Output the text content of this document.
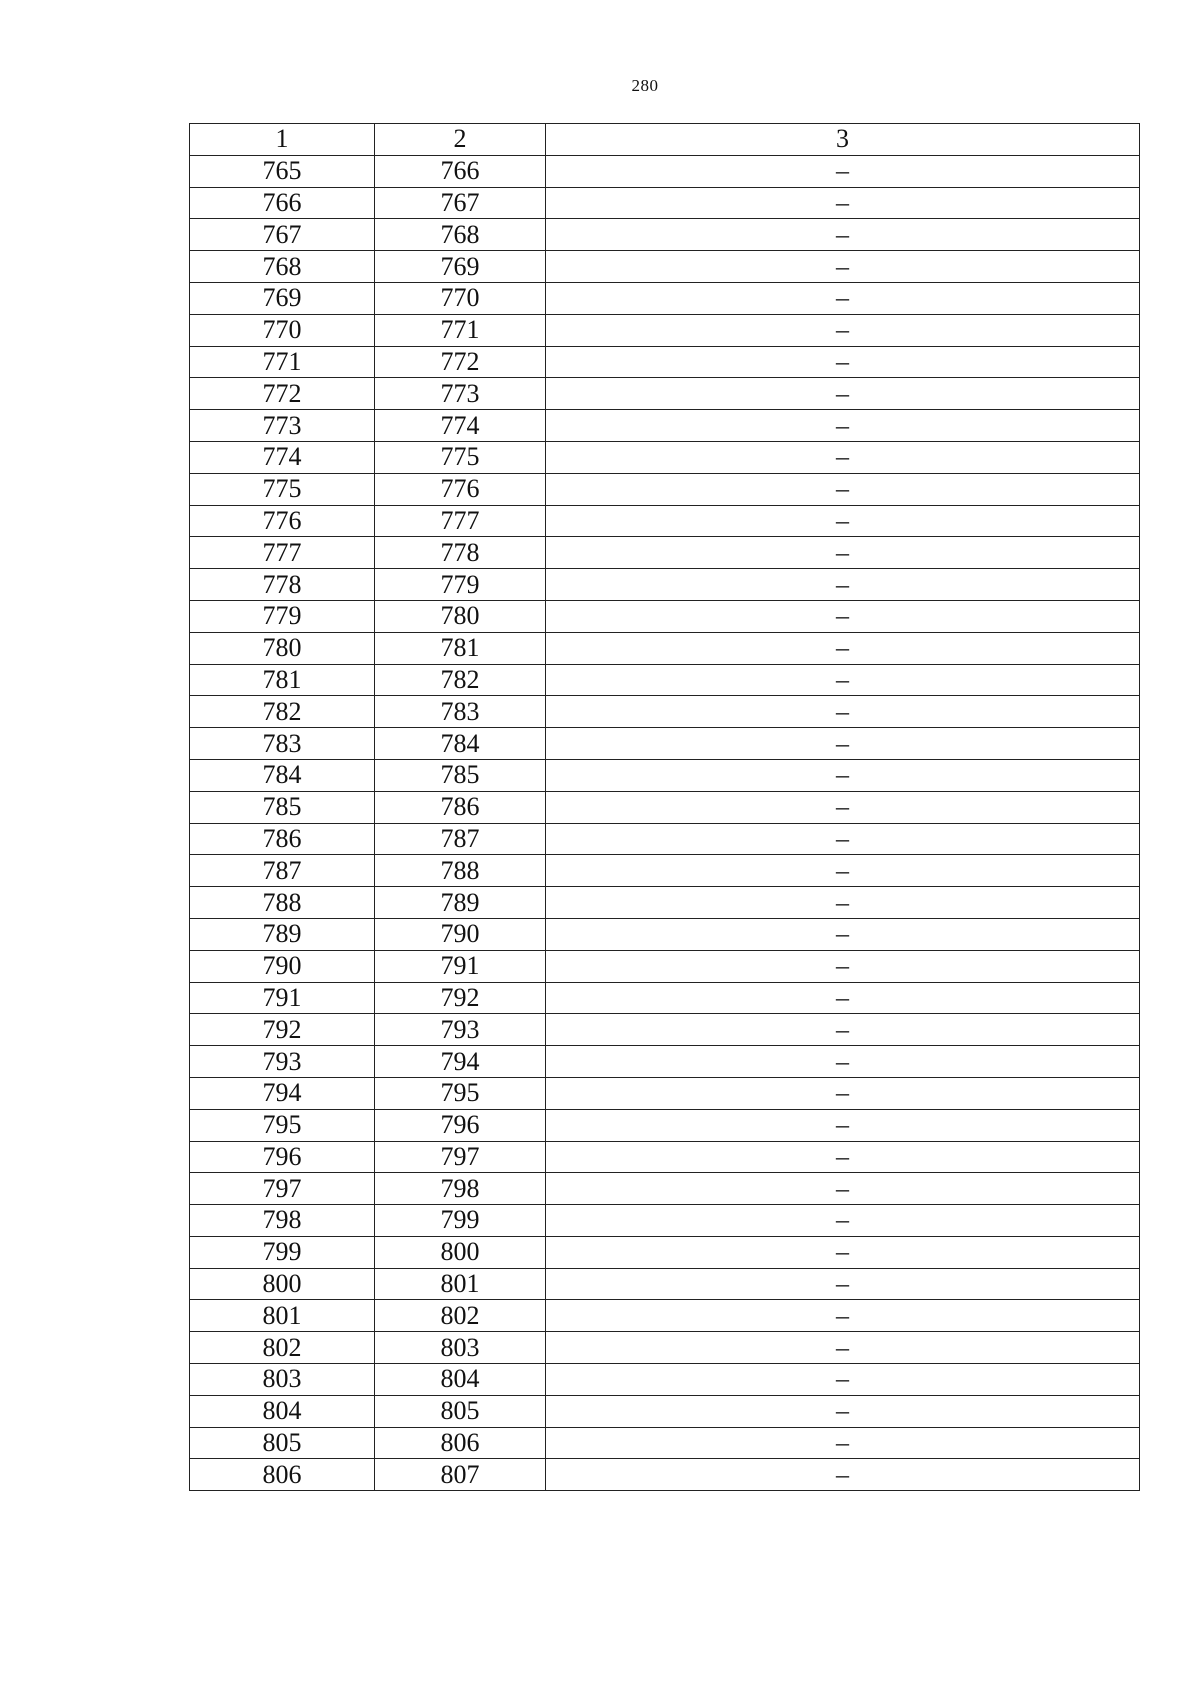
280
1	2	3
765	766	–
766	767	–
767	768	–
768	769	–
769	770	–
770	771	–
771	772	–
772	773	–
773	774	–
774	775	–
775	776	–
776	777	–
777	778	–
778	779	–
779	780	–
780	781	–
781	782	–
782	783	–
783	784	–
784	785	–
785	786	–
786	787	–
787	788	–
788	789	–
789	790	–
790	791	–
791	792	–
792	793	–
793	794	–
794	795	–
795	796	–
796	797	–
797	798	–
798	799	–
799	800	–
800	801	–
801	802	–
802	803	–
803	804	–
804	805	–
805	806	–
806	807	–
